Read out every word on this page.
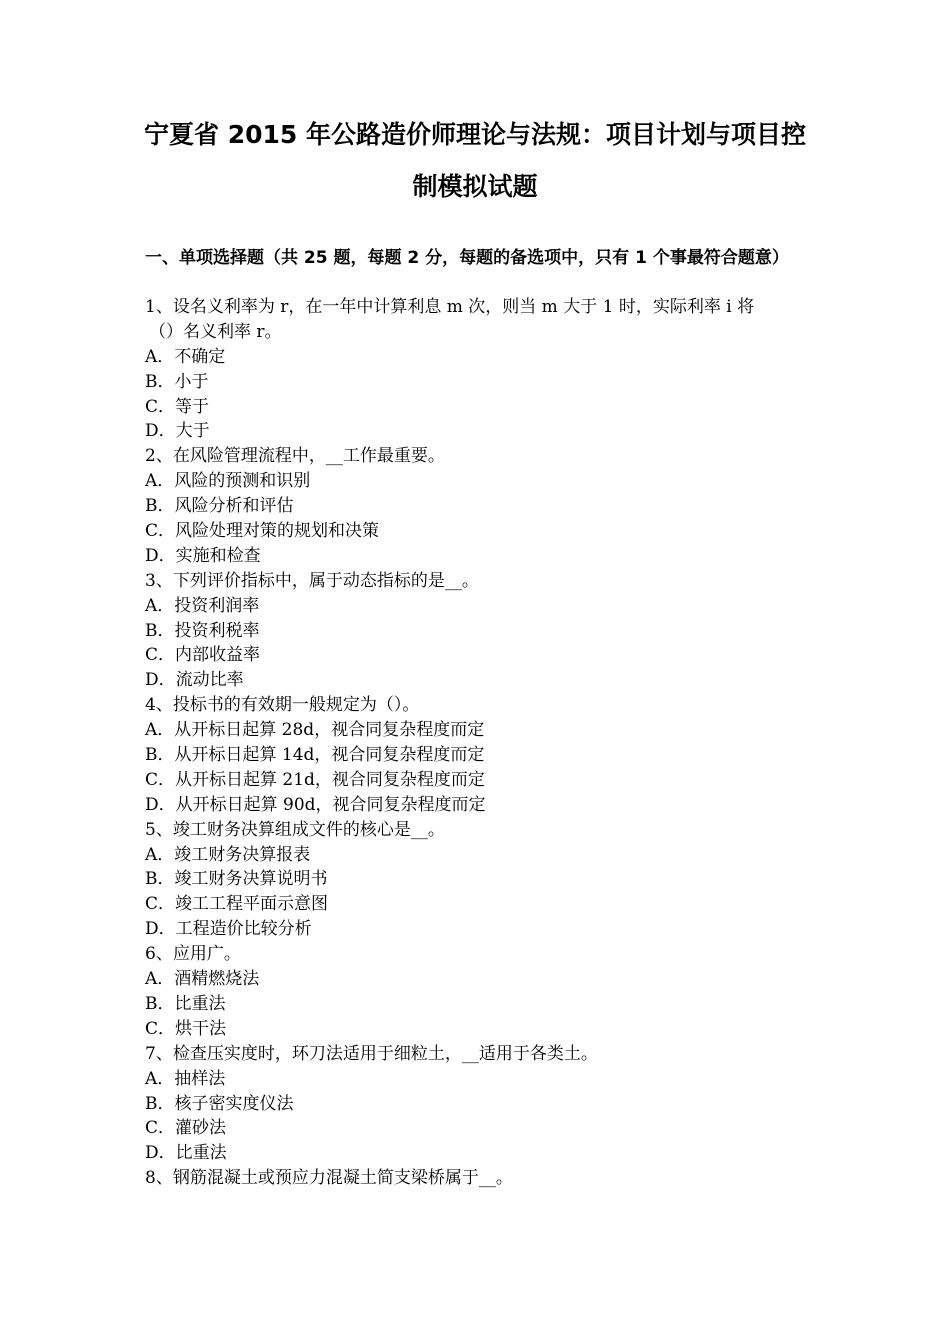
宁夏省 2015 年公路造价师理论与法规：项目计划与项目控
制模拟试题
一、单项选择题（共 25 题，每题 2 分，每题的备选项中，只有 1 个事最符合题意）
1、设名义利率为 r，在一年中计算利息 m 次，则当 m 大于 1 时，实际利率 i 将
（）名义利率 r。
A．不确定
B．小于
C．等于
D．大于
2、在风险管理流程中，__工作最重要。
A．风险的预测和识别
B．风险分析和评估
C．风险处理对策的规划和决策
D．实施和检查
3、下列评价指标中，属于动态指标的是__。
A．投资利润率
B．投资利税率
C．内部收益率
D．流动比率
4、投标书的有效期一般规定为（）。
A．从开标日起算 28d，视合同复杂程度而定
B．从开标日起算 14d，视合同复杂程度而定
C．从开标日起算 21d，视合同复杂程度而定
D．从开标日起算 90d，视合同复杂程度而定
5、竣工财务决算组成文件的核心是__。
A．竣工财务决算报表
B．竣工财务决算说明书
C．竣工工程平面示意图
D．工程造价比较分析
6、应用广。
A．酒精燃烧法
B．比重法
C．烘干法
7、检查压实度时，环刀法适用于细粒土，__适用于各类土。
A．抽样法
B．核子密实度仪法
C．灌砂法
D．比重法
8、钢筋混凝土或预应力混凝土简支梁桥属于__。
